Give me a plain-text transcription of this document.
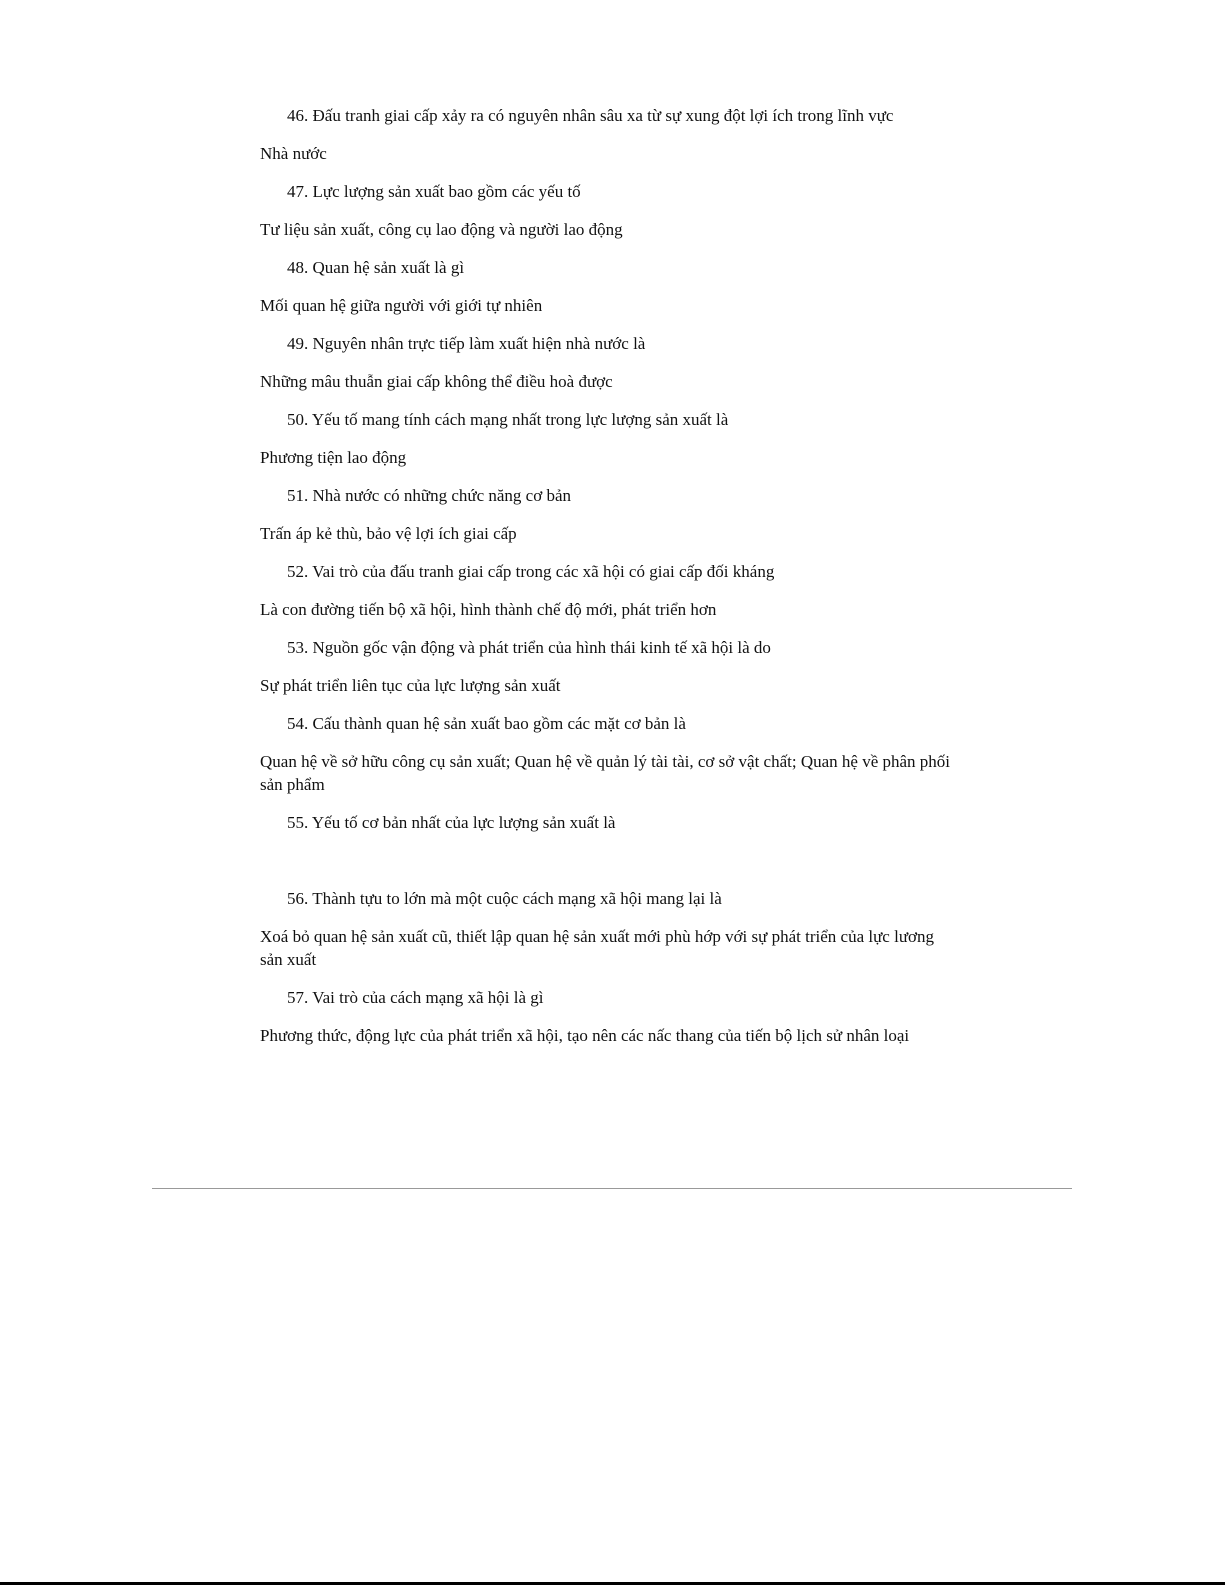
46. Đấu tranh giai cấp xảy ra có nguyên nhân sâu xa từ sự xung đột lợi ích trong lĩnh vực

Nhà nước

47. Lực lượng sản xuất bao gồm các yếu tố

Tư liệu sản xuất, công cụ lao động và người lao động

48. Quan hệ sản xuất là gì

Mối quan hệ giữa người với giới tự nhiên

49. Nguyên nhân trực tiếp làm xuất hiện nhà nước là

Những mâu thuẫn giai cấp không thể điều hoà được

50. Yếu tố mang tính cách mạng nhất trong lực lượng sản xuất là

Phương tiện lao động

51. Nhà nước có những chức năng cơ bản

Trấn áp kẻ thù, bảo vệ lợi ích giai cấp

52. Vai trò của đấu tranh giai cấp trong các xã hội có giai cấp đối kháng

Là con đường tiến bộ xã hội, hình thành chế độ mới, phát triển hơn

53. Nguồn gốc vận động và phát triển của hình thái kinh tế xã hội là do

Sự phát triển liên tục của lực lượng sản xuất

54. Cấu thành quan hệ sản xuất bao gồm các mặt cơ bản là

Quan hệ về sở hữu công cụ sản xuất; Quan hệ về quản lý tài tài, cơ sở vật chất; Quan hệ về phân phối sản phẩm

55. Yếu tố cơ bản nhất của lực lượng sản xuất là

56. Thành tựu to lớn mà một cuộc cách mạng xã hội mang lại là

Xoá bỏ quan hệ sản xuất cũ, thiết lập quan hệ sản xuất mới phù hớp với sự phát triển của lực lương sản xuất

57. Vai trò của cách mạng xã hội là gì

Phương thức, động lực của phát triển xã hội, tạo nên các nấc thang của tiến bộ lịch sử nhân loại
